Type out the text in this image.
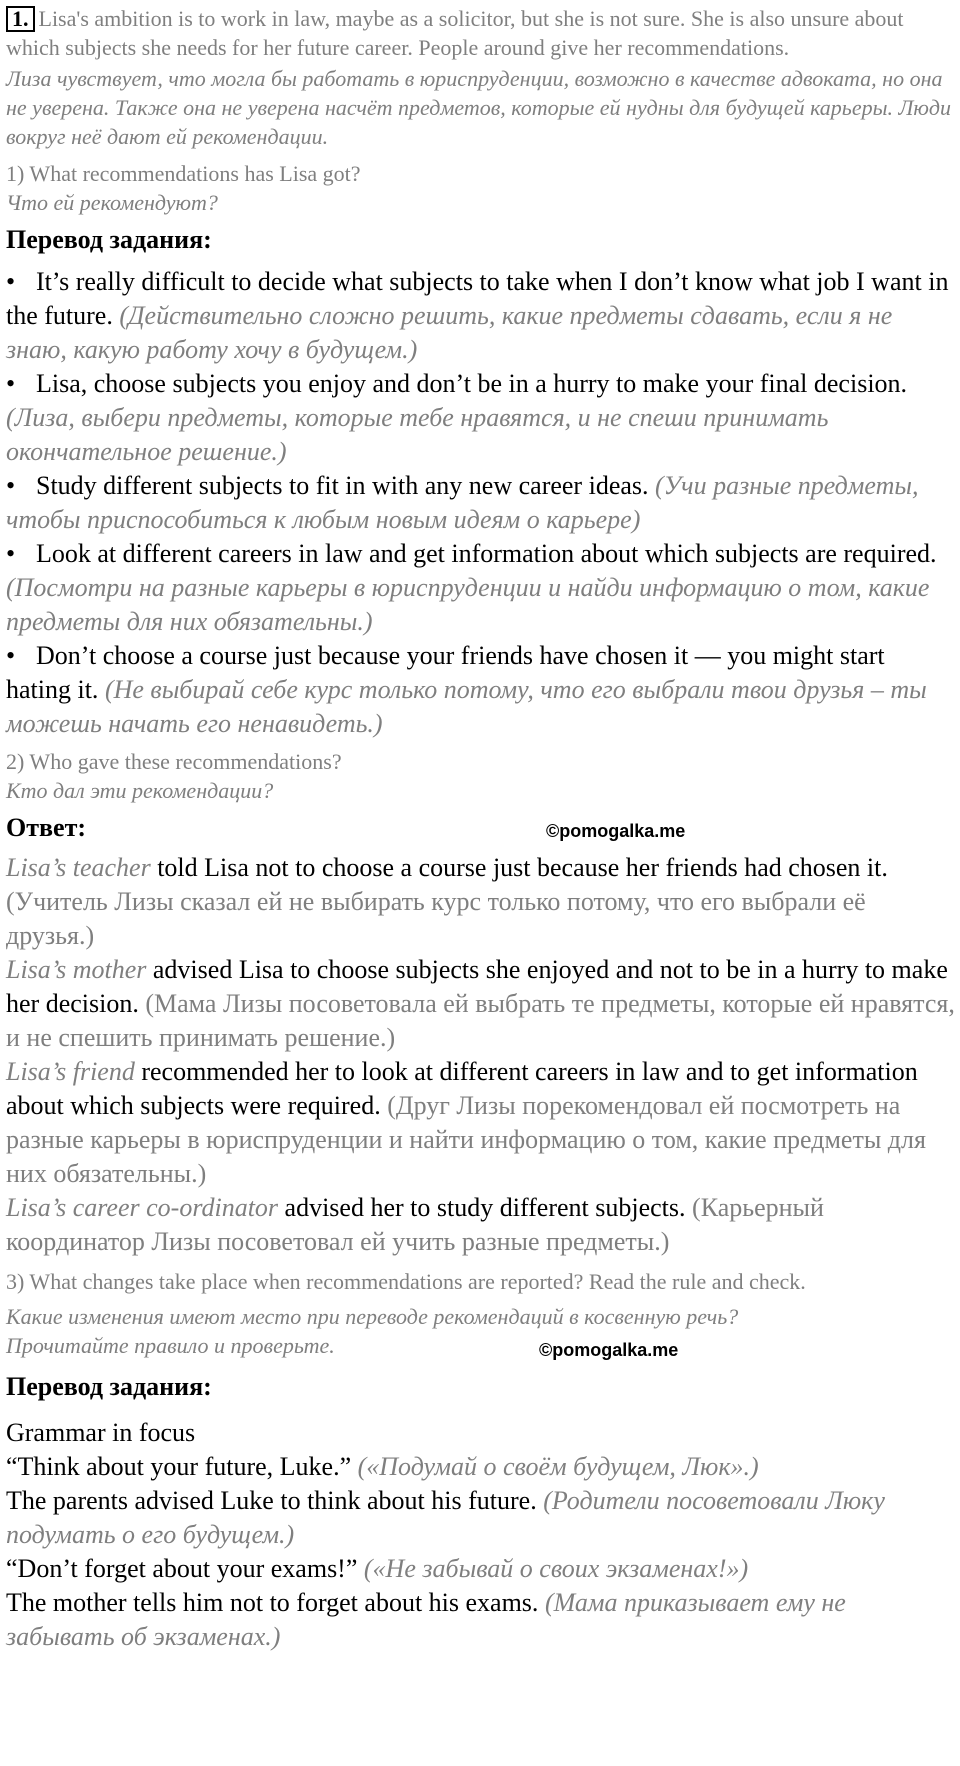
1. Lisa's ambition is to work in law, maybe as a solicitor, but she is not sure. She is also unsure about which subjects she needs for her future career. People around give her recommendations.

Лиза чувствует, что могла бы работать в юриспруденции, возможно в качестве адвоката, но она не уверена. Также она не уверена насчёт предметов, которые ей нудны для будущей карьеры. Люди вокруг неё дают ей рекомендации.

1) What recommendations has Lisa got?

Что ей рекомендуют?

Перевод задания:

• It’s really difficult to decide what subjects to take when I don’t know what job I want in the future. (Действительно сложно решить, какие предметы сдавать, если я не знаю, какую работу хочу в будущем.)

• Lisa, choose subjects you enjoy and don’t be in a hurry to make your final decision. (Лиза, выбери предметы, которые тебе нравятся, и не спеши принимать окончательное решение.)

• Study different subjects to fit in with any new career ideas. (Учи разные предметы, чтобы приспособиться к любым новым идеям о карьере)

• Look at different careers in law and get information about which subjects are required. (Посмотри на разные карьеры в юриспруденции и найди информацию о том, какие предметы для них обязательны.)

• Don’t choose a course just because your friends have chosen it — you might start hating it. (Не выбирай себе курс только потому, что его выбрали твои друзья – ты можешь начать его ненавидеть.)

2) Who gave these recommendations?

Кто дал эти рекомендации?

Ответ:	©pomogalka.me

Lisa’s teacher told Lisa not to choose a course just because her friends had chosen it. (Учитель Лизы сказал ей не выбирать курс только потому, что его выбрали её друзья.)

Lisa’s mother advised Lisa to choose subjects she enjoyed and not to be in a hurry to make her decision. (Мама Лизы посоветовала ей выбрать те предметы, которые ей нравятся, и не спешить принимать решение.)

Lisa’s friend recommended her to look at different careers in law and to get information about which subjects were required. (Друг Лизы порекомендовал ей посмотреть на разные карьеры в юриспруденции и найти информацию о том, какие предметы для них обязательны.)

Lisa’s career co-ordinator advised her to study different subjects. (Карьерный координатор Лизы посоветовал ей учить разные предметы.)

3) What changes take place when recommendations are reported? Read the rule and check.

Какие изменения имеют место при переводе рекомендаций в косвенную речь? Прочитайте правило и проверьте.	©pomogalka.me
Перевод задания:

Grammar in focus

“Think about your future, Luke.” («Подумай о своём будущем, Люк».)

The parents advised Luke to think about his future. (Родители посоветовали Люку подумать о его будущем.)

“Don’t forget about your exams!” («Не забывай о своих экзаменах!»)

The mother tells him not to forget about his exams. (Мама приказывает ему не забывать об экзаменах.)
